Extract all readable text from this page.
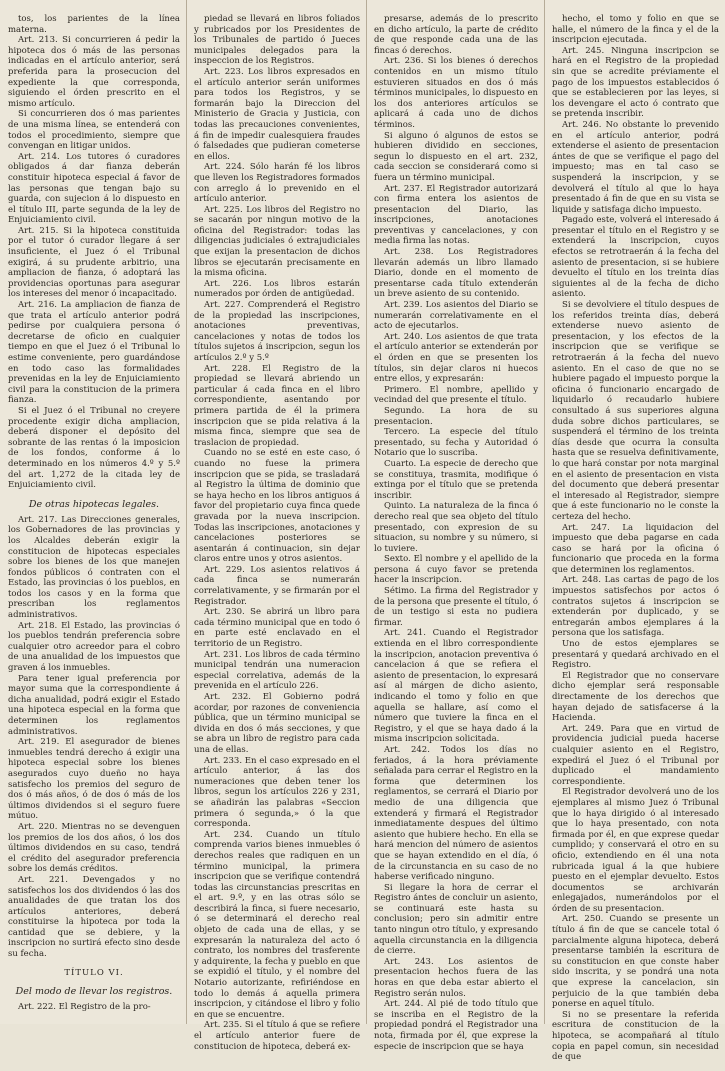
tos, los parientes de la línea materna.

Art. 213. Si concurrieren á pedir la hipoteca dos ó más de las personas indicadas en el artículo anterior, será preferida para la prosecucion del expediente la que corresponda, siguiendo el órden prescrito en el mismo artículo.

Si concurrieren dos ó mas parientes de una misma línea, se entenderá con todos el procedimiento, siempre que convengan en litigar unidos.

Art. 214. Los tutores ó curadores obligados á dar fianza deberán constituir hipoteca especial á favor de las personas que tengan bajo su guarda, con sujecion á lo dispuesto en el título III, parte segunda de la ley de Enjuiciamiento civil.

Art. 215. Si la hipoteca constituida por el tutor ó curador llegare á ser insuficiente, el Juez ó el Tribunal exigirá, á su prudente arbitrio, una ampliacion de fianza, ó adoptará las providencias oportunas para asegurar los intereses del menor ó incapacitado.

Art. 216. La ampliacion de fianza de que trata el artículo anterior podrá pedirse por cualquiera persona ó decretarse de oficio en cualquier tiempo en que el Juez ó el Tribunal lo estime conveniente, pero guardándose en todo caso las formalidades prevenidas en la ley de Enjuiciamiento civil para la constitucion de la primera fianza.

Si el Juez ó el Tribunal no creyere procedente exigir dicha ampliacion, deberá disponer el depósito del sobrante de las rentas ó la imposicion de los fondos, conforme á lo determinado en los números 4.º y 5.º del art. 1,272 de la citada ley de Enjuiciamiento civil.

De otras hipotecas legales.

Art. 217. Las Direcciones generales, los Gobernadores de las provincias y los Alcaldes deberán exigir la constitucion de hipotecas especiales sobre los bienes de los que manejen fondos públicos ó contraten con el Estado, las provincias ó los pueblos, en todos los casos y en la forma que prescriban los reglamentos administrativos.

Art. 218. El Estado, las provincias ó los pueblos tendrán preferencia sobre cualquier otro acreedor para el cobro de una anualidad de los impuestos que graven á los inmuebles.

Para tener igual preferencia por mayor suma que la correspondiente á dicha anualidad, podrá exigir el Estado una hipoteca especial en la forma que determinen los reglamentos administrativos.

Art. 219. El asegurador de bienes inmuebles tendrá derecho á exigir una hipoteca especial sobre los bienes asegurados cuyo dueño no haya satisfecho los premios del seguro de dos ó más años, ó de dos ó más de los últimos dividendos si el seguro fuere mútuo.

Art. 220. Mientras no se devenguen los premios de los dos años, ó los dos últimos dividendos en su caso, tendrá el crédito del asegurador preferencia sobre los demás créditos.

Art. 221. Devengados y no satisfechos los dos dividendos ó las dos anualidades de que tratan los dos artículos anteriores, deberá constituirse la hipoteca por toda la cantidad que se debiere, y la inscripcion no surtirá efecto sino desde su fecha.

TÍTULO VI.
Del modo de llevar los registros.

Art. 222. El Registro de la pro-

piedad se llevará en libros foliados y rubricados por los Presidentes de los Tribunales de partido ó Jueces municipales delegados para la inspeccion de los Registros.

Art. 223. Los libros expresados en el artículo anterior serán uniformes para todos los Registros, y se formarán bajo la Direccion del Ministerio de Gracia y Justicia, con todas las precauciones convenientes, á fin de impedir cualesquiera fraudes ó falsedades que pudieran cometerse en ellos.

Art. 224. Sólo harán fé los libros que lleven los Registradores formados con arreglo á lo prevenido en el artículo anterior.

Art. 225. Los libros del Registro no se sacarán por ningun motivo de la oficina del Registrador: todas las diligencias judiciales ó extrajudiciales que exijan la presentacion de dichos libros se ejecutarán precisamente en la misma oficina.

Art. 226. Los libros estarán numerados por órden de antigüedad.

Art. 227. Comprenderá el Registro de la propiedad las inscripciones, anotaciones preventivas, cancelaciones y notas de todos los títulos sujetos á inscripcion, segun los artículos 2.º y 5.º

Art. 228. El Registro de la propiedad se llevará abriendo un particular á cada finca en el libro correspondiente, asentando por primera partida de él la primera inscripcion que se pida relativa á la misma finca, siempre que sea de traslacion de propiedad.

Cuando no se esté en este caso, ó cuando no fuese la primera inscripcion que se pida, se trasladará al Registro la última de dominio que se haya hecho en los libros antiguos á favor del propietario cuya finca quede gravada por la nueva inscripcion. Todas las inscripciones, anotaciones y cancelaciones posteriores se asentarán á continuacion, sin dejar claros entre unos y otros asientos.

Art. 229. Los asientos relativos á cada finca se numerarán correlativamente, y se firmarán por el Registrador.

Art. 230. Se abrirá un libro para cada término municipal que en todo ó en parte esté enclavado en el territorio de un Registro.

Art. 231. Los libros de cada término municipal tendrán una numeracion especial correlativa, además de la prevenida en el artículo 226.

Art. 232. El Gobierno podrá acordar, por razones de conveniencia pública, que un término municipal se divida en dos ó más secciones, y que se abra un libro de registro para cada una de ellas.

Art. 233. En el caso expresado en el artículo anterior, á las dos numeraciones que deben tener los libros, segun los artículos 226 y 231, se añadirán las palabras «Seccion primera ó segunda,» ó la que corresponda.

Art. 234. Cuando un título comprenda varios bienes inmuebles ó derechos reales que radiquen en un término municipal, la primera inscripcion que se verifique contendrá todas las circunstancias prescritas en el art. 9.º, y en las otras sólo se describirá la finca, si fuere necesario, ó se determinará el derecho real objeto de cada una de ellas, y se expresarán la naturaleza del acto ó contrato, los nombres del trasferente y adquirente, la fecha y pueblo en que se expidió el título, y el nombre del Notario autorizante, refiriéndose en todo lo demás á aquella primera inscripcion, y citándose el libro y folio en que se encuentre.

Art. 235. Si el título á que se refiere el artículo anterior fuere de constitucion de hipoteca, deberá ex-

presarse, además de lo prescrito en dicho artículo, la parte de crédito de que responde cada una de las fincas ó derechos.

Art. 236. Si los bienes ó derechos contenidos en un mismo título estuvieren situados en dos ó más términos municipales, lo dispuesto en los dos anteriores artículos se aplicará á cada uno de dichos términos.

Si alguno ó algunos de estos se hubieren dividido en secciones, segun lo dispuesto en el art. 232, cada seccion se considerará como si fuera un término municipal.

Art. 237. El Registrador autorizará con firma entera los asientos de presentacion del Diario, las inscripciones, anotaciones preventivas y cancelaciones, y con media firma las notas.

Art. 238. Los Registradores llevarán además un libro llamado Diario, donde en el momento de presentarse cada título extenderán un breve asiento de su contenido.

Art. 239. Los asientos del Diario se numerarán correlativamente en el acto de ejecutarlos.

Art. 240. Los asientos de que trata el artículo anterior se extenderán por el órden en que se presenten los títulos, sin dejar claros ni huecos entre ellos, y expresarán:

Primero. El nombre, apellido y vecindad del que presente el título.

Segundo. La hora de su presentacion.

Tercero. La especie del título presentado, su fecha y Autoridad ó Notario que lo suscriba.

Cuarto. La especie de derecho que se constituya, trasmita, modifique ó extinga por el título que se pretenda inscribir.

Quinto. La naturaleza de la finca ó derecho real que sea objeto del título presentado, con expresion de su situacion, su nombre y su número, si lo tuviere.

Sexto. El nombre y el apellido de la persona á cuyo favor se pretenda hacer la inscripcion.

Sétimo. La firma del Registrador y de la persona que presente el título, ó de un testigo si esta no pudiera firmar.

Art. 241. Cuando el Registrador extienda en el libro correspondiente la inscripcion, anotacion preventiva ó cancelacion á que se refiera el asiento de presentacion, lo expresará así al márgen de dicho asiento, indicando el tomo y folio en que aquella se hallare, así como el número que tuviere la finca en el Registro, y el que se haya dado á la misma inscripcion solicitada.

Art. 242. Todos los días no feriados, á la hora préviamente señalada para cerrar el Registro en la forma que determinen los reglamentos, se cerrará el Diario por medio de una diligencia que extenderá y firmará el Registrador inmediatamente despues del último asiento que hubiere hecho. En ella se hará mencion del número de asientos que se hayan extendido en el día, ó de la circunstancia en su caso de no haberse verificado ninguno.

Si llegare la hora de cerrar el Registro ántes de concluir un asiento, se continuará este hasta su conclusion; pero sin admitir entre tanto ningun otro título, y expresando aquella circunstancia en la diligencia de cierre.

Art. 243. Los asientos de presentacion hechos fuera de las horas en que deba estar abierto el Registro serán nulos.

Art. 244. Al pié de todo título que se inscriba en el Registro de la propiedad pondrá el Registrador una nota, firmada por él, que exprese la especie de inscripcion que se haya

hecho, el tomo y folio en que se halle, el número de la finca y el de la inscripcion ejecutada.

Art. 245. Ninguna inscripcion se hará en el Registro de la propiedad sin que se acredite préviamente el pago de los impuestos establecidos ó que se establecieren por las leyes, si los devengare el acto ó contrato que se pretenda inscribir.

Art. 246. No obstante lo prevenido en el artículo anterior, podrá extenderse el asiento de presentacion ántes de que se verifique el pago del impuesto; mas en tal caso se suspenderá la inscripcion, y se devolverá el título al que lo haya presentado á fin de que en su vista se liquide y satisfaga dicho impuesto.

Pagado este, volverá el interesado á presentar el título en el Registro y se extenderá la inscripcion, cuyos efectos se retrotraerán á la fecha del asiento de presentacion, si se hubiere devuelto el título en los treinta días siguientes al de la fecha de dicho asiento.

Si se devolviere el título despues de los referidos treinta días, deberá extenderse nuevo asiento de presentacion, y los efectos de la inscripcion que se verifique se retrotraerán á la fecha del nuevo asiento. En el caso de que no se hubiere pagado el impuesto porque la oficina ó funcionario encargado de liquidarlo ó recaudarlo hubiere consultado á sus superiores alguna duda sobre dichos particulares, se suspenderá el término de los treinta días desde que ocurra la consulta hasta que se resuelva definitivamente, lo que hará constar por nota marginal en el asiento de presentacion en vista del documento que deberá presentar el interesado al Registrador, siempre que á este funcionario no le conste la certeza del hecho.

Art. 247. La liquidacion del impuesto que deba pagarse en cada caso se hará por la oficina ó funcionario que proceda en la forma que determinen los reglamentos.

Art. 248. Las cartas de pago de los impuestos satisfechos por actos ó contratos sujetos á inscripcion se extenderán por duplicado, y se entregarán ambos ejemplares á la persona que los satisfaga.

Uno de estos ejemplares se presentará y quedará archivado en el Registro.

El Registrador que no conservare dicho ejemplar será responsable directamente de los derechos que hayan dejado de satisfacerse á la Hacienda.

Art. 249. Para que en virtud de providencia judicial pueda hacerse cualquier asiento en el Registro, expedirá el Juez ó el Tribunal por duplicado el mandamiento correspondiente.

El Registrador devolverá uno de los ejemplares al mismo Juez ó Tribunal que lo haya dirigido ó al interesado que lo haya presentado, con nota firmada por él, en que exprese quedar cumplido; y conservará el otro en su oficio, extendiendo en él una nota rubricada igual á la que hubiere puesto en el ejemplar devuelto. Estos documentos se archivarán enlegajados, numerándolos por el órden de su presentacion.

Art. 250. Cuando se presente un título á fin de que se cancele total ó parcialmente alguna hipoteca, deberá presentarse también la escritura de su constitucion en que conste haber sido inscrita, y se pondrá una nota que exprese la cancelacion, sin perjuicio de la que también deba ponerse en aquel título.

Si no se presentare la referida escritura de constitucion de la hipoteca, se acompañará al título copia en papel comun, sin necesidad de que
